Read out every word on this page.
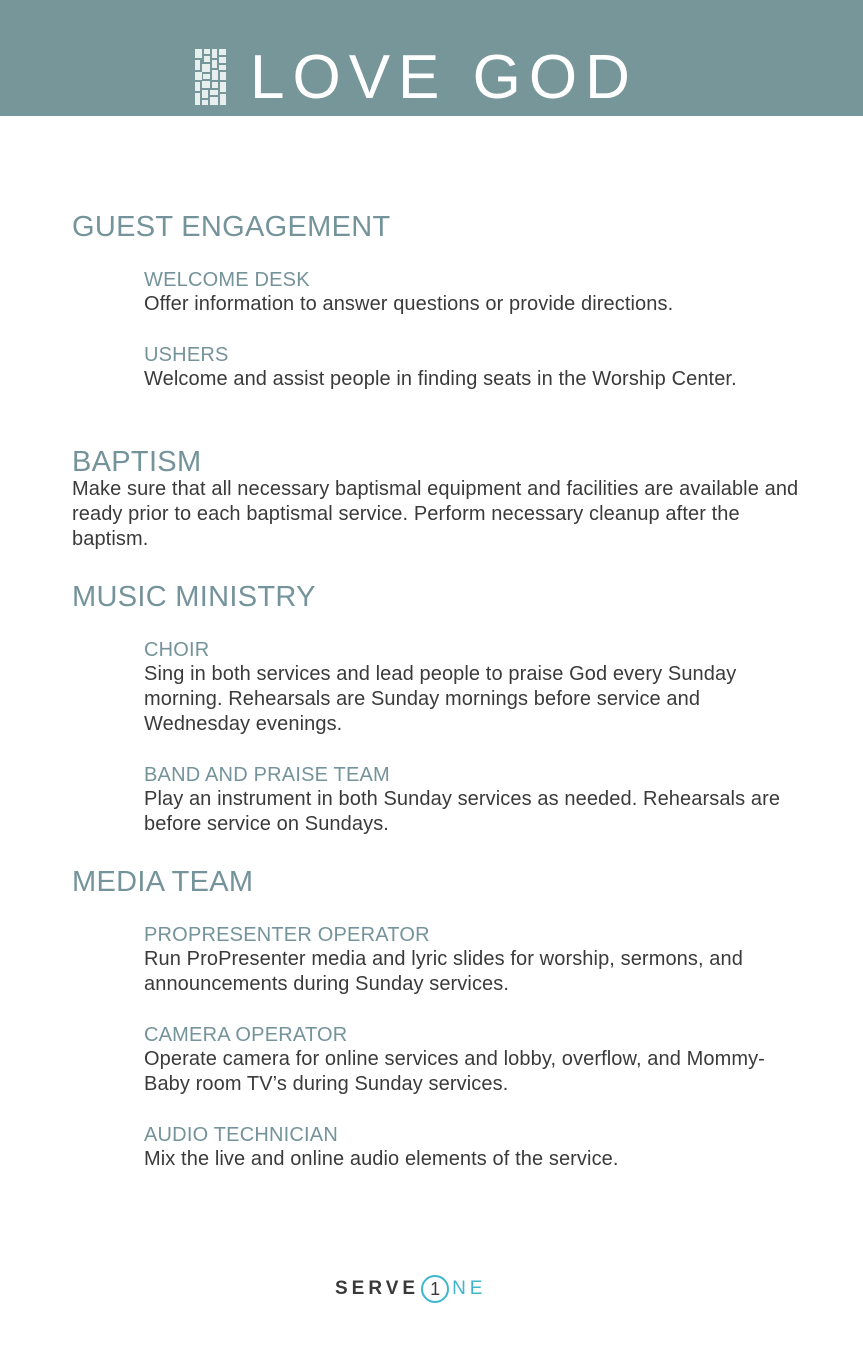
LOVE GOD
GUEST ENGAGEMENT
WELCOME DESK

Offer information to answer questions or provide directions.

USHERS

Welcome and assist people in finding seats in the Worship Center.

BAPTISM

Make sure that all necessary baptismal equipment and facilities are available and ready prior to each baptismal service. Perform necessary cleanup after the baptism.

MUSIC MINISTRY
CHOIR

Sing in both services and lead people to praise God every Sunday morning. Rehearsals are Sunday mornings before service and Wednesday evenings.

BAND AND PRAISE TEAM

Play an instrument in both Sunday services as needed. Rehearsals are before service on Sundays.

MEDIA TEAM
PROPRESENTER OPERATOR

Run ProPresenter media and lyric slides for worship, sermons, and announcements during Sunday services.

CAMERA OPERATOR

Operate camera for online services and lobby, overflow, and Mommy-Baby room TV’s during Sunday services.

AUDIO TECHNICIAN

Mix the live and online audio elements of the service.

SERVE 1 NE
